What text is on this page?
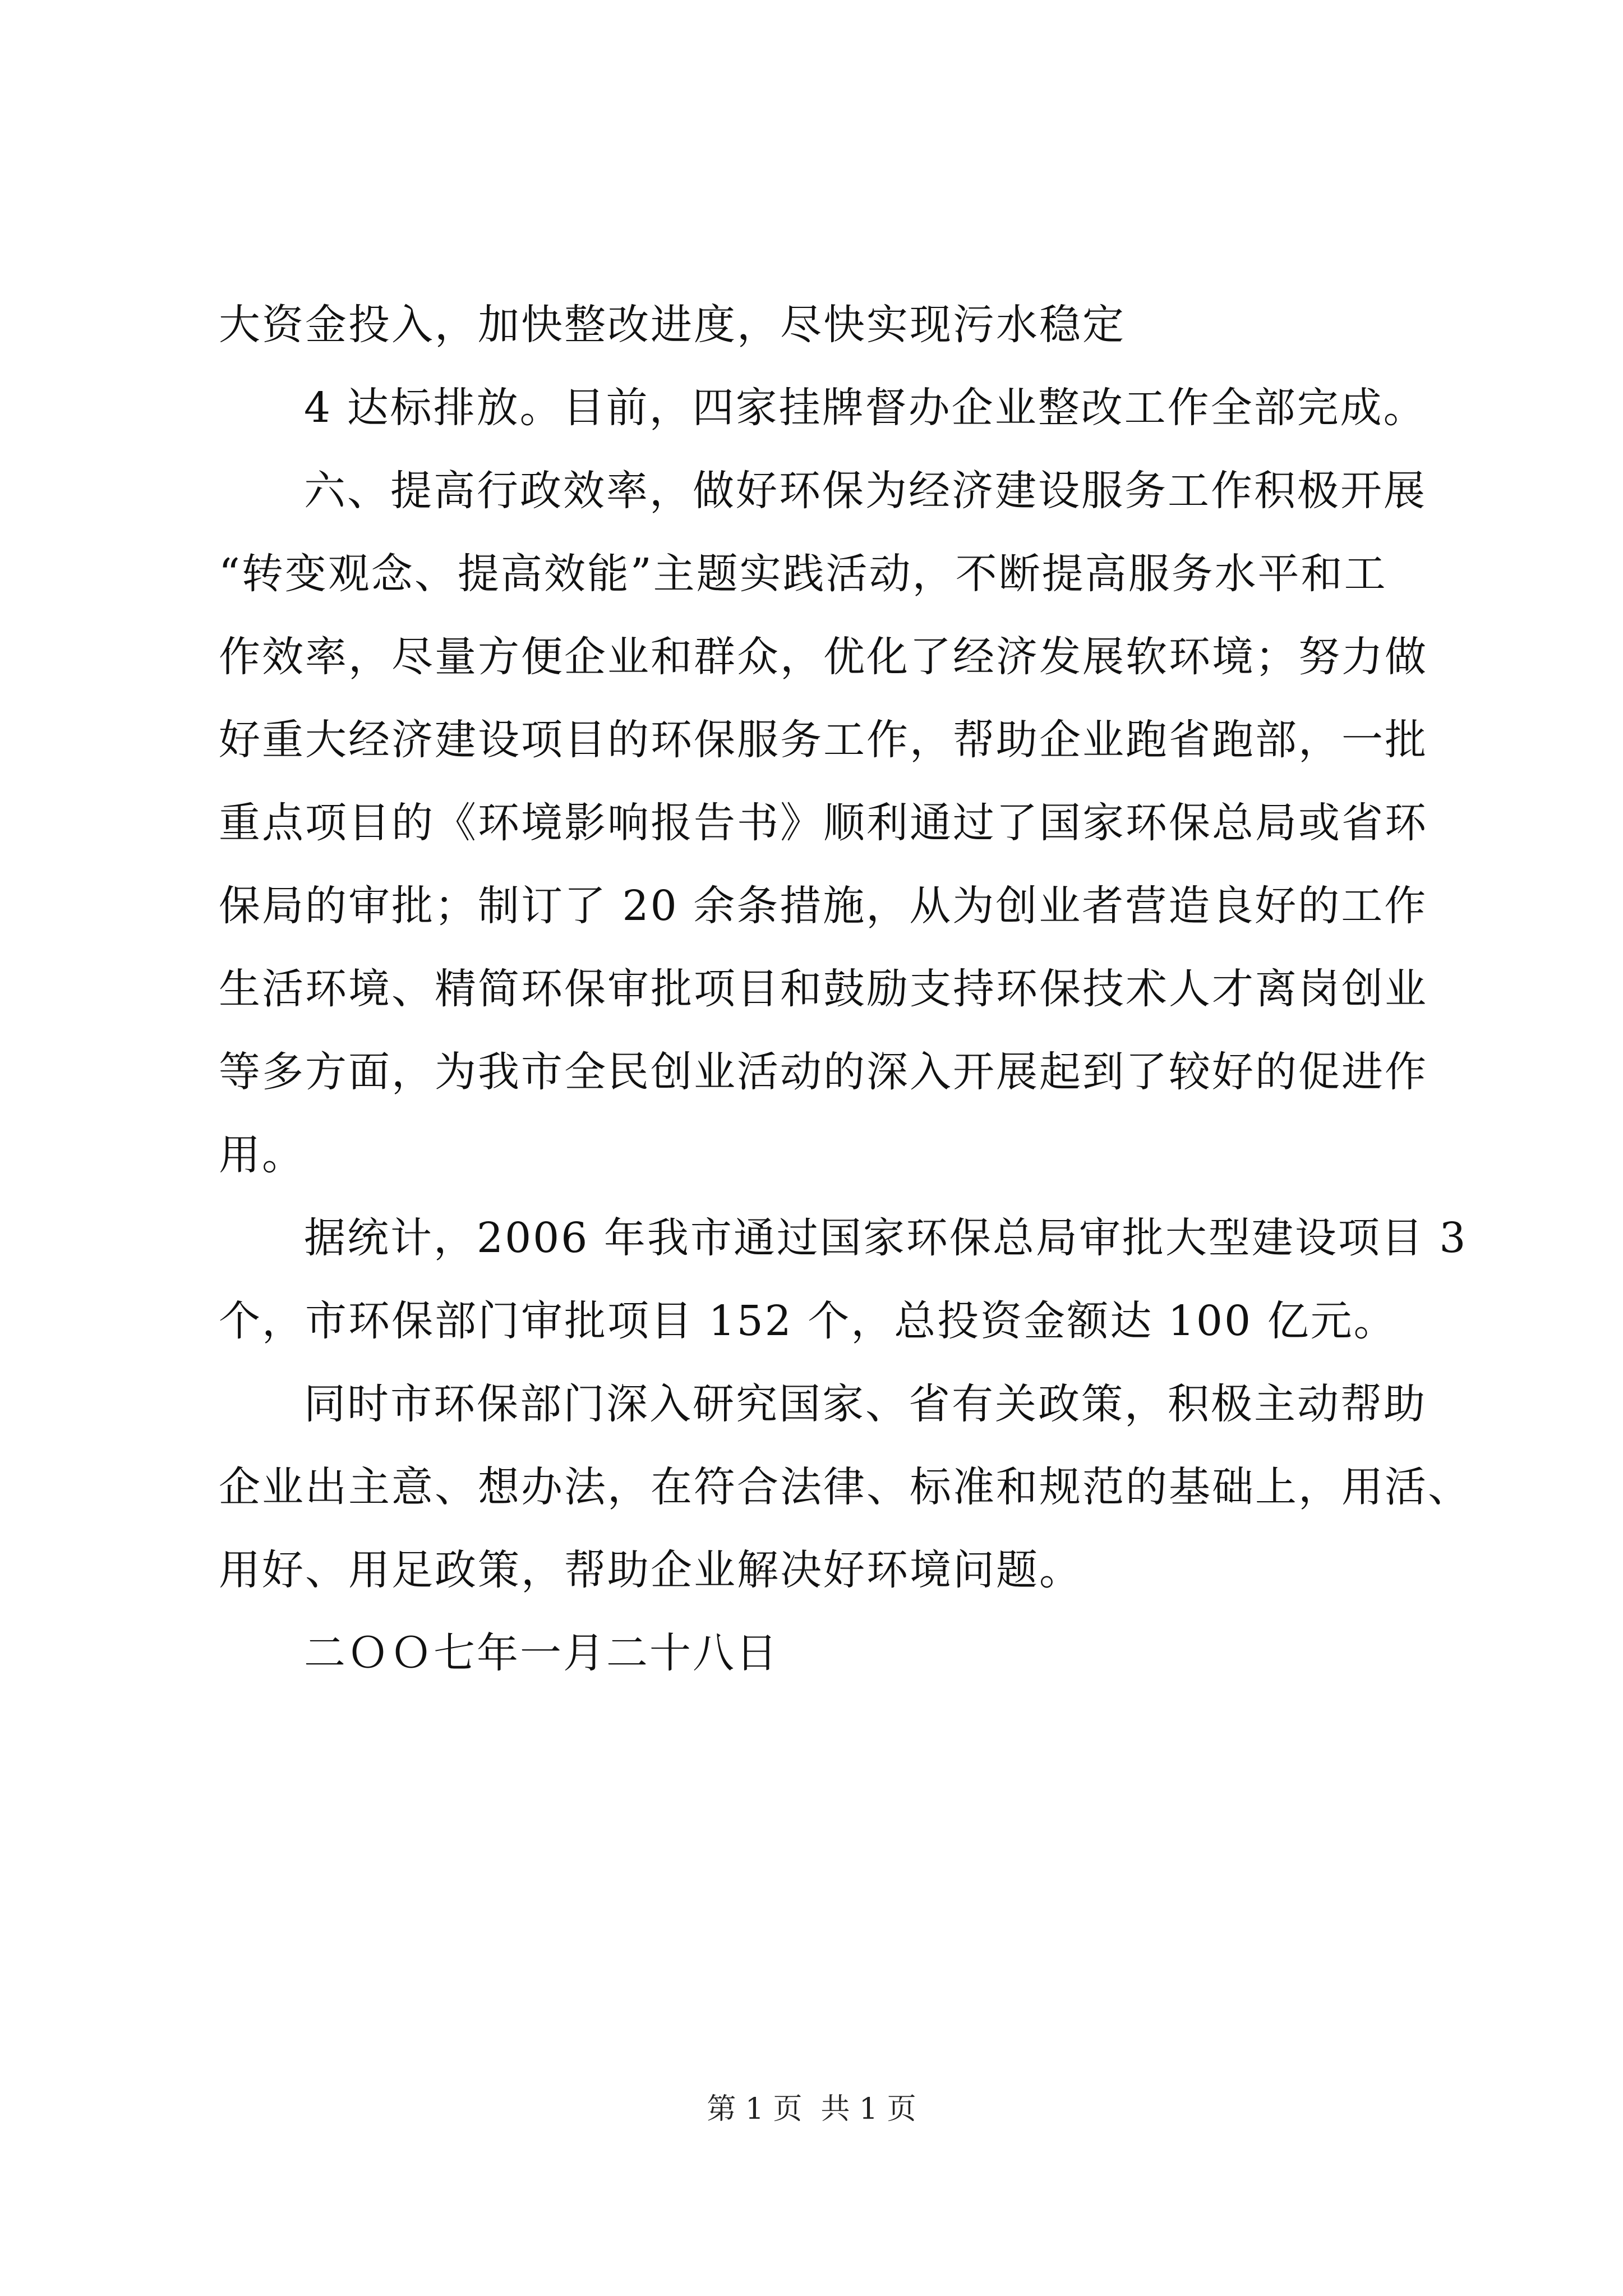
大资金投入，加快整改进度，尽快实现污水稳定
4 达标排放。目前，四家挂牌督办企业整改工作全部完成。
六、提高行政效率，做好环保为经济建设服务工作积极开展
“转变观念、提高效能”主题实践活动，不断提高服务水平和工
作效率，尽量方便企业和群众，优化了经济发展软环境；努力做
好重大经济建设项目的环保服务工作，帮助企业跑省跑部，一批
重点项目的《环境影响报告书》顺利通过了国家环保总局或省环
保局的审批；制订了 20 余条措施，从为创业者营造良好的工作
生活环境、精简环保审批项目和鼓励支持环保技术人才离岗创业
等多方面，为我市全民创业活动的深入开展起到了较好的促进作
用。
据统计，2006 年我市通过国家环保总局审批大型建设项目 3
个，市环保部门审批项目 152 个，总投资金额达 100 亿元。
同时市环保部门深入研究国家、省有关政策，积极主动帮助
企业出主意、想办法，在符合法律、标准和规范的基础上，用活、
用好、用足政策，帮助企业解决好环境问题。
二ＯＯ七年一月二十八日
第 1 页  共 1 页
